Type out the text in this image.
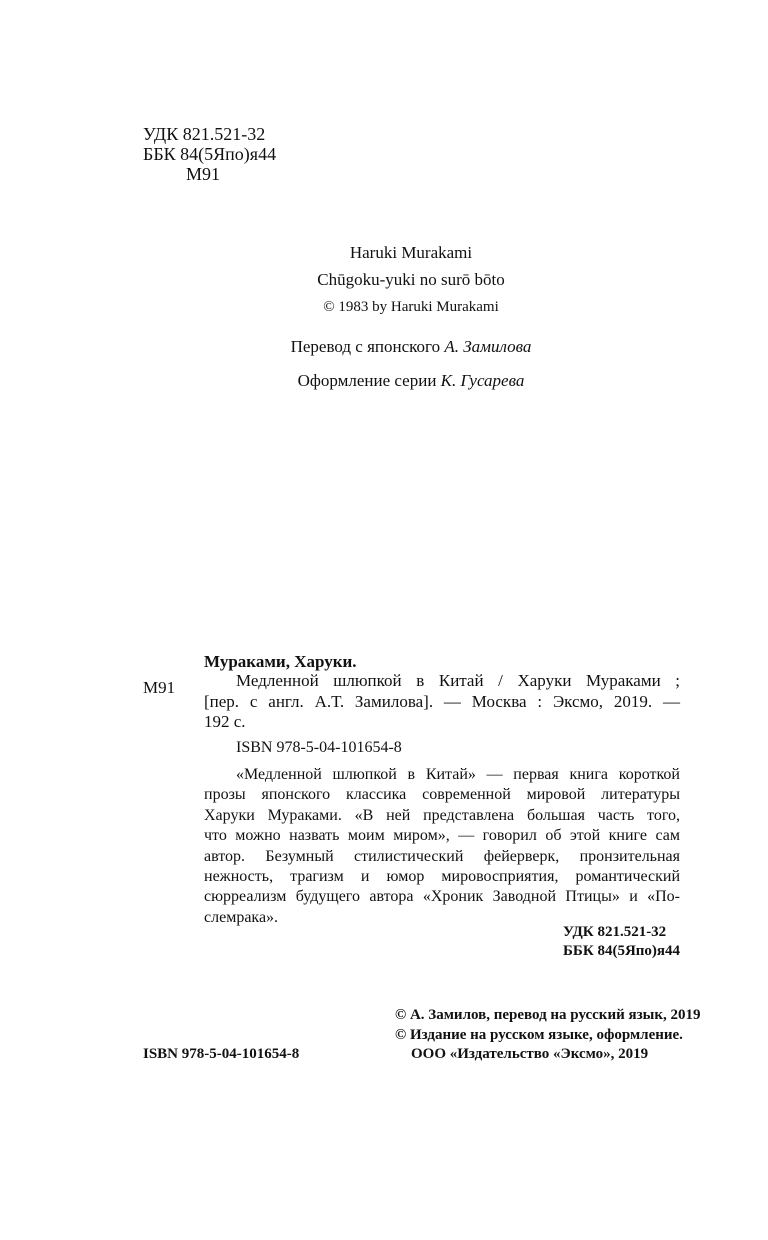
УДК 821.521-32
ББК 84(5Япо)я44
М91
Haruki Murakami
Chūgoku-yuki no surō bōto
© 1983 by Haruki Murakami
Перевод с японского А. Замилова
Оформление серии К. Гусарева
М91
Мураками, Харуки.
Медленной шлюпкой в Китай / Харуки Мураками ;
[пер. с англ. А.Т. Замилова]. — Москва : Эксмо, 2019. —
192 с.
ISBN 978-5-04-101654-8
«Медленной шлюпкой в Китай» — первая книга короткой
прозы японского классика современной мировой литературы
Харуки Мураками. «В ней представлена большая часть того,
что можно назвать моим миром», — говорил об этой книге сам
автор. Безумный стилистический фейерверк, пронзительная
нежность, трагизм и юмор мировосприятия, романтический
сюрреализм будущего автора «Хроник Заводной Птицы» и «По-
слемрака».
УДК 821.521-32
ББК 84(5Япо)я44
© А. Замилов, перевод на русский язык, 2019
© Издание на русском языке, оформление.
ISBN 978-5-04-101654-8	ООО «Издательство «Эксмо», 2019
